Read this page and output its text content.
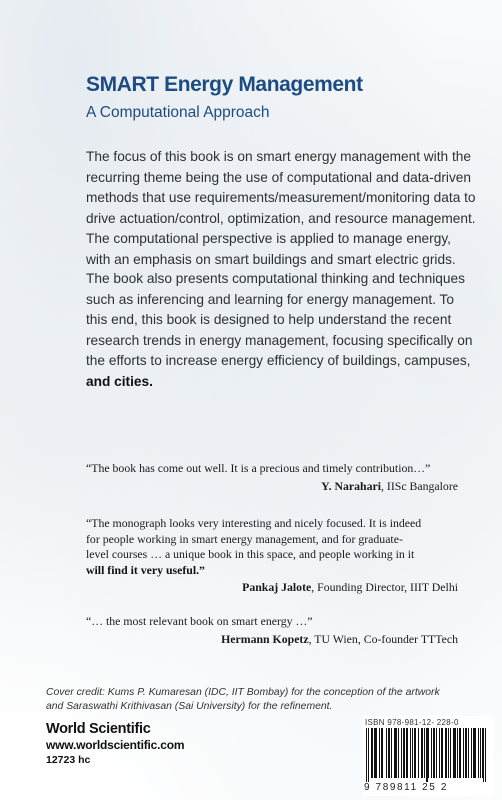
SMART Energy Management
A Computational Approach

The focus of this book is on smart energy management with the
recurring theme being the use of computational and data-driven
methods that use requirements/measurement/monitoring data to
drive actuation/control, optimization, and resource management.
The computational perspective is applied to manage energy,
with an emphasis on smart buildings and smart electric grids.

The book also presents computational thinking and techniques
such as inferencing and learning for energy management. To
this end, this book is designed to help understand the recent
research trends in energy management, focusing specifically on
the efforts to increase energy efficiency of buildings, campuses,
and cities.

“The book has come out well. It is a precious and timely contribution…”
Y. Narahari, IISc Bangalore
“The monograph looks very interesting and nicely focused. It is indeed
for people working in smart energy management, and for graduate-
level courses … a unique book in this space, and people working in it
will find it very useful.”
Pankaj Jalote, Founding Director, IIIT Delhi
“… the most relevant book on smart energy …”
Hermann Kopetz, TU Wien, Co-founder TTTech
Cover credit: Kums P. Kumaresan (IDC, IIT Bombay) for the conception of the artwork
and Saraswathi Krithivasan (Sai University) for the refinement.
World Scientific
www.worldscientific.com
12723 hc
ISBN 978-981-12- 228-0
9 789811 25 2
